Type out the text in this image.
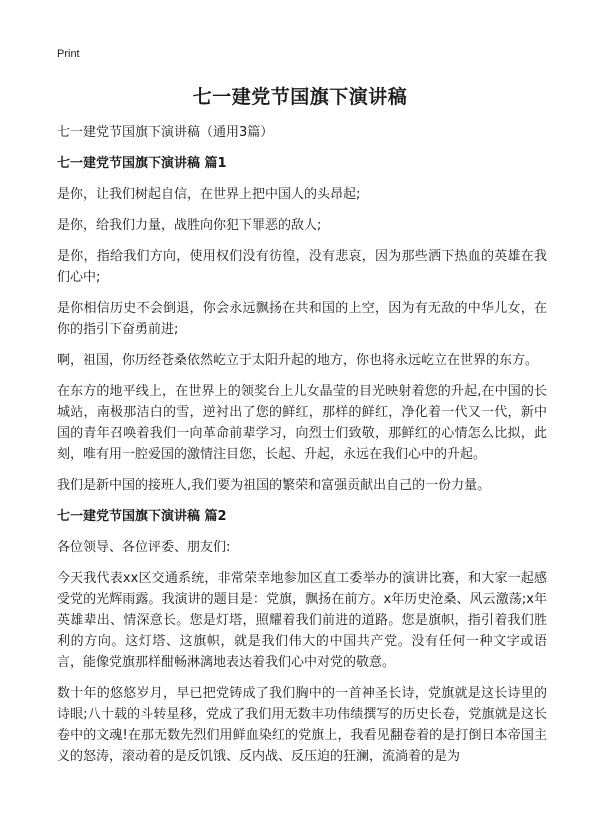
Print
七一建党节国旗下演讲稿

七一建党节国旗下演讲稿（通用3篇）

七一建党节国旗下演讲稿 篇1

是你，让我们树起自信，在世界上把中国人的头昂起;

是你，给我们力量，战胜向你犯下罪恶的敌人;

是你，指给我们方向，使用权们没有彷徨，没有悲哀，因为那些洒下热血的英雄在我们心中;

是你相信历史不会倒退，你会永远飘扬在共和国的上空，因为有无敌的中华儿女，在你的指引下奋勇前进;

啊，祖国，你历经苍桑依然屹立于太阳升起的地方，你也将永远屹立在世界的东方。

在东方的地平线上，在世界上的领奖台上儿女晶莹的目光映射着您的升起,在中国的长城站，南极那洁白的雪，逆衬出了您的鲜红，那样的鲜红，净化着一代又一代，新中国的青年召唤着我们一向革命前辈学习，向烈士们致敬，那鲜红的心情怎么比拟，此刻，唯有用一腔爱国的激情注目您，长起、升起，永远在我们心中的升起。

我们是新中国的接班人,我们要为祖国的繁荣和富强贡献出自己的一份力量。

七一建党节国旗下演讲稿 篇2

各位领导、各位评委、朋友们:

今天我代表xx区交通系统，非常荣幸地参加区直工委举办的演讲比赛，和大家一起感受党的光辉雨露。我演讲的题目是：党旗，飘扬在前方。x年历史沧桑、风云激荡;x年英雄辈出、情深意长。您是灯塔，照耀着我们前进的道路。您是旗帜，指引着我们胜利的方向。这灯塔、这旗帜，就是我们伟大的中国共产党。没有任何一种文字或语言，能像党旗那样酣畅淋漓地表达着我们心中对党的敬意。

数十年的悠悠岁月，早已把党铸成了我们胸中的一首神圣长诗，党旗就是这长诗里的诗眼;八十载的斗转星移，党成了我们用无数丰功伟绩撰写的历史长卷，党旗就是这长卷中的文魂!在那无数先烈们用鲜血染红的党旗上，我看见翻卷着的是打倒日本帝国主义的怒涛，滚动着的是反饥饿、反内战、反压迫的狂澜，流淌着的是为
